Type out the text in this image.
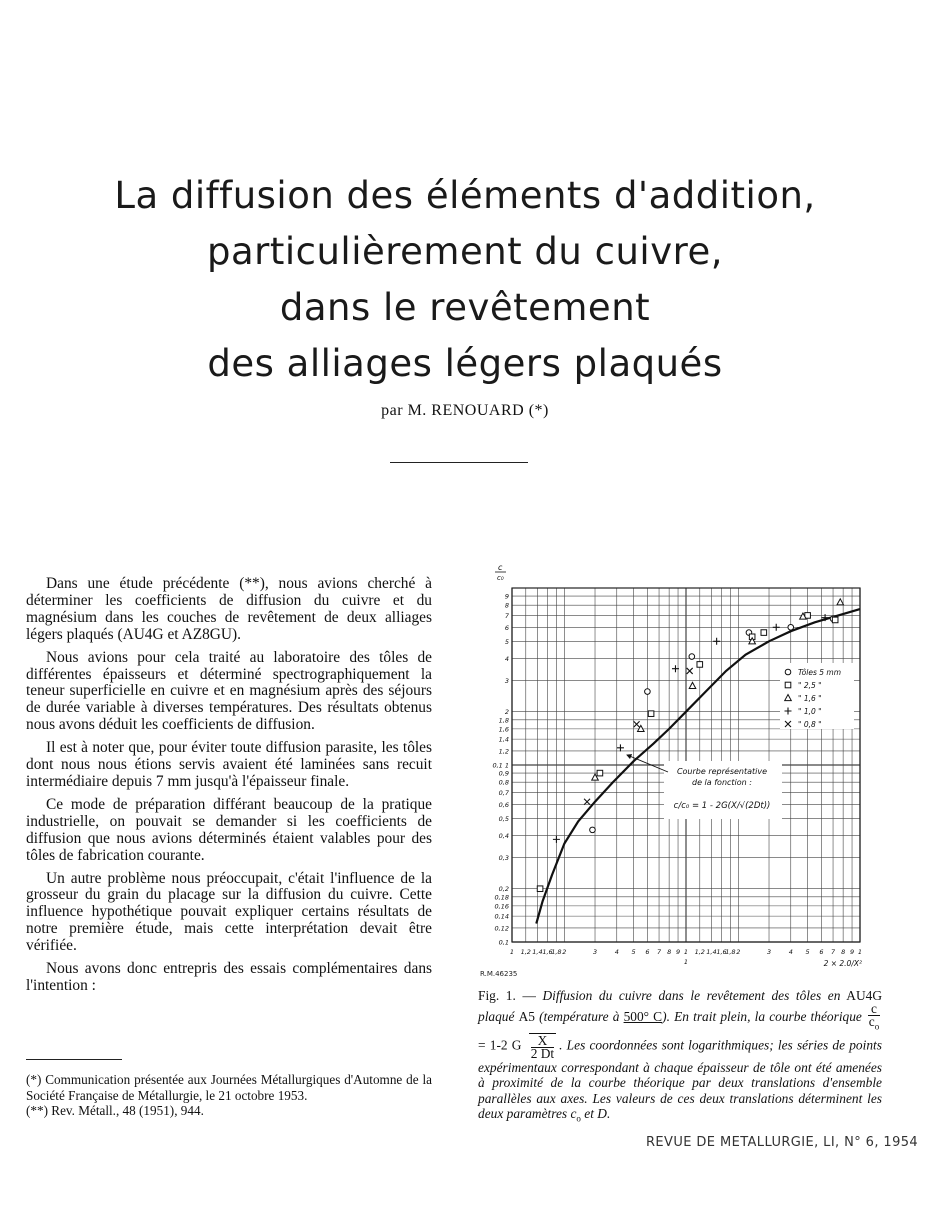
La diffusion des éléments d'addition,
particulièrement du cuivre,
dans le revêtement
des alliages légers plaqués
par M. RENOUARD (*)

Dans une étude précédente (**), nous avions cherché à déterminer les coefficients de diffusion du cuivre et du magnésium dans les couches de revêtement de deux alliages légers plaqués (AU4G et AZ8GU).

Nous avions pour cela traité au laboratoire des tôles de différentes épaisseurs et déterminé spectrographiquement la teneur superficielle en cuivre et en magnésium après des séjours de durée variable à diverses températures. Des résultats obtenus nous avons déduit les coefficients de diffusion.

Il est à noter que, pour éviter toute diffusion parasite, les tôles dont nous nous étions servis avaient été laminées sans recuit intermédiaire depuis 7 mm jusqu'à l'épaisseur finale.

Ce mode de préparation différant beaucoup de la pratique industrielle, on pouvait se demander si les coefficients de diffusion que nous avions déterminés étaient valables pour des tôles de fabrication courante.

Un autre problème nous préoccupait, c'était l'influence de la grosseur du grain du placage sur la diffusion du cuivre. Cette influence hypothétique pouvait expliquer certains résultats de notre première étude, mais cette interprétation devait être vérifiée.

Nous avons donc entrepris des essais complémentaires dans l'intention :

(*) Communication présentée aux Journées Métallurgiques d'Automne de la Société Française de Métallurgie, le 21 octobre 1953.

(**) Rev. Métall., 48 (1951), 944.

1 1,2 1,4 1,6
1,8 2	3	4 5 6 7 8 9 1 1,2 1,4 1,6
1,8 2	3	4 5 6 7 8 9 1
0,1
0,12
0,14
0,16
0,18
0,2
0,3
0,4
0,5
0,6
0,7
0,8
0,9
0,1 1
1,2
1,4
1,6
1,8
2
3
4
5
6
7
8
9
1
c
c₀
2 × 2.0/X²
R.M.46235
Tôles 5 mm
" 2,5 "
" 1,6 "
" 1,0 "
" 0,8 "
Courbe représentative
de la fonction :
c/c₀ = 1 - 2G(X/√(2Dt))
Fig. 1. — Diffusion du cuivre dans le revêtement des tôles en AU4G plaqué A5 (température à 500° C). En trait plein, la courbe théorique $\frac{c}{c_o}$
= 1-2 G $\frac{X}{2 Dt}$ . Les coordonnées sont logarithmiques; les séries de points expérimentaux correspondant à chaque épaisseur de tôle ont été amenées à proximité de la courbe théorique par deux translations d'ensemble parallèles aux axes. Les valeurs de ces deux translations déterminent les deux paramètres $c_o$ et D.
REVUE DE METALLURGIE, LI, N° 6, 1954
